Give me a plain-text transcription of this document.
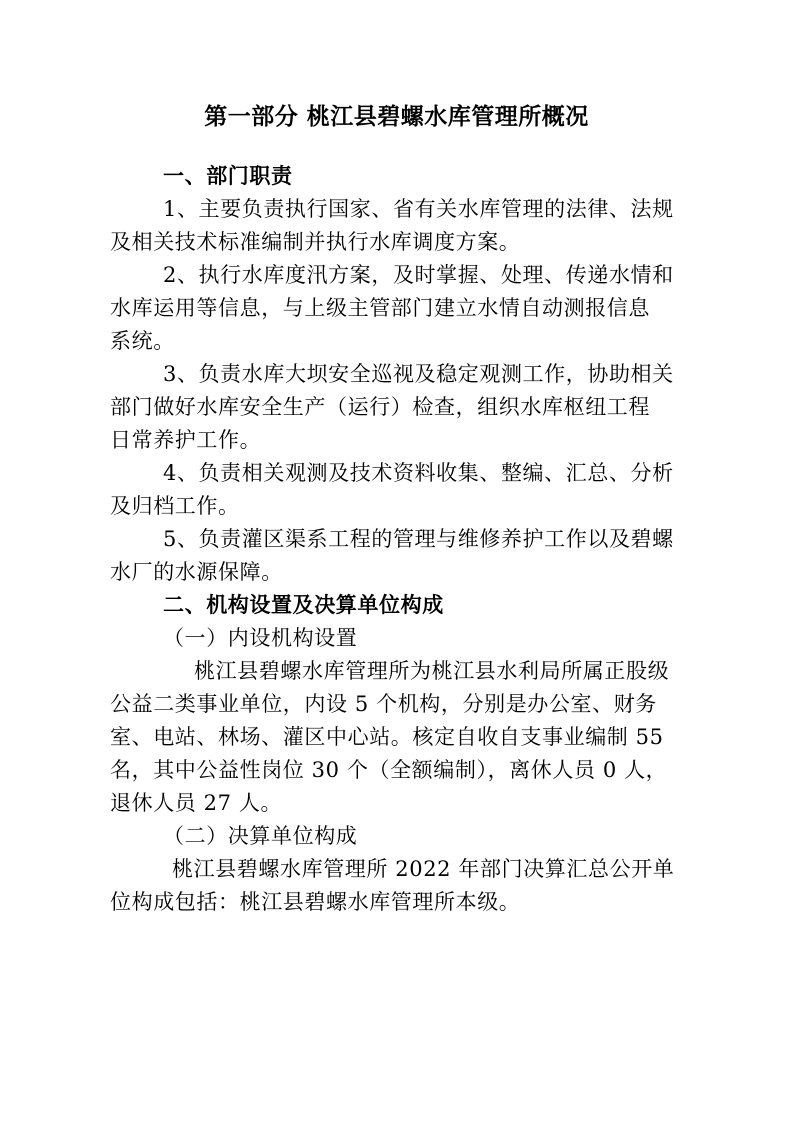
第一部分 桃江县碧螺水库管理所概况
一、部门职责
1、主要负责执行国家、省有关水库管理的法律、法规
及相关技术标准编制并执行水库调度方案。
2、执行水库度汛方案，及时掌握、处理、传递水情和
水库运用等信息，与上级主管部门建立水情自动测报信息
系统。
3、负责水库大坝安全巡视及稳定观测工作，协助相关
部门做好水库安全生产（运行）检查，组织水库枢纽工程
日常养护工作。
4、负责相关观测及技术资料收集、整编、汇总、分析
及归档工作。
5、负责灌区渠系工程的管理与维修养护工作以及碧螺
水厂的水源保障。
二、机构设置及决算单位构成
（一）内设机构设置
桃江县碧螺水库管理所为桃江县水利局所属正股级
公益二类事业单位，内设 5 个机构，分别是办公室、财务
室、电站、林场、灌区中心站。核定自收自支事业编制 55
名，其中公益性岗位 30 个（全额编制），离休人员 0 人，
退休人员 27 人。
（二）决算单位构成
桃江县碧螺水库管理所 2022 年部门决算汇总公开单
位构成包括：桃江县碧螺水库管理所本级。
